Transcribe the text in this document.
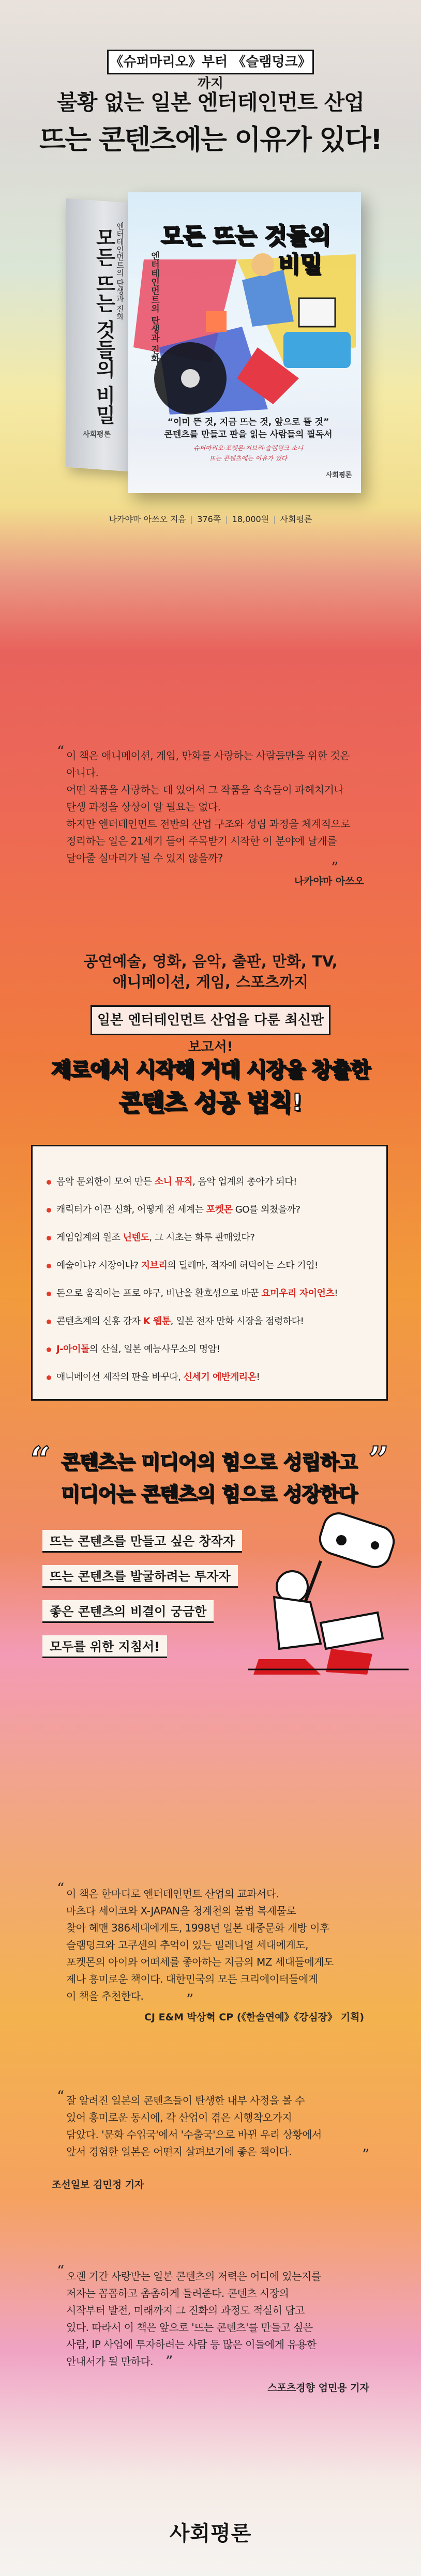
《슈퍼마리오》부터 《슬램덩크》까지
불황 없는 일본 엔터테인먼트 산업
뜨는 콘텐츠에는 이유가 있다!
모든 뜨는 것들의 비밀 엔터테인먼트의 탄생과 진화
사회평론
모든 뜨는 것들의
비밀
엔터테인먼트의 탄생과 진화
“이미 뜬 것, 지금 뜨는 것, 앞으로 뜰 것”
콘텐츠를 만들고 판을 읽는 사람들의 필독서
슈퍼마리오·포켓몬·지브리·슬램덩크 소니
뜨는 콘텐츠에는 이유가 있다
사회평론
나카야마 아쓰오 지음 | 376쪽 | 18,000원 | 사회평론
“ 이 책은 애니메이션, 게임, 만화를 사랑하는 사람들만을 위한 것은
아니다.
어떤 작품을 사랑하는 데 있어서 그 작품을 속속들이 파헤치거나
탄생 과정을 상상이 알 필요는 없다.
하지만 엔터테인먼트 전반의 산업 구조와 성립 과정을 체계적으로
정리하는 일은 21세기 들어 주목받기 시작한 이 분야에 날개를
달아줄 실마리가 될 수 있지 않을까?
”
나카야마 아쓰오
공연예술, 영화, 음악, 출판, 만화, TV,
애니메이션, 게임, 스포츠까지
일본 엔터테인먼트 산업을 다룬 최신판 보고서!
제로에서 시작해 거대 시장을 창출한
콘텐츠 성공 법칙!
음악 문외한이 모여 만든 소니 뮤직, 음악 업계의 총아가 되다!
캐릭터가 이끈 신화, 어떻게 전 세계는 포켓몬 GO를 외쳤을까?
게임업계의 원조 닌텐도, 그 시초는 화투 판매였다?
예술이냐? 시장이냐? 지브리의 딜레마, 적자에 허덕이는 스타 기업!
돈으로 움직이는 프로 야구, 비난을 환호성으로 바꾼 요미우리 자이언츠!
콘텐츠계의 신흥 강자 K 웹툰, 일본 전자 만화 시장을 점령하다!
J-아이돌의 산실, 일본 예능사무소의 명암!
애니메이션 제작의 판을 바꾸다, 신세기 에반게리온!
“	”
콘텐츠는 미디어의 힘으로 성립하고
미디어는 콘텐츠의 힘으로 성장한다
뜨는 콘텐츠를 만들고 싶은 창작자
뜨는 콘텐츠를 발굴하려는 투자자
좋은 콘텐츠의 비결이 궁금한
모두를 위한 지침서!
“ 이 책은 한마디로 엔터테인먼트 산업의 교과서다.
마츠다 세이코와 X-JAPAN을 청계천의 불법 복제물로
찾아 헤맨 386세대에게도, 1998년 일본 대중문화 개방 이후
슬램덩크와 고쿠센의 추억이 있는 밀레니얼 세대에게도,
포켓몬의 아이와 어떠세를 좋아하는 지금의 MZ 세대들에게도
제나 흥미로운 책이다. 대한민국의 모든 크리에이터들에게
이 책을 추천한다.	”
CJ E&M 박상혁 CP (《한솔연예》《강심장》 기획)
“ 잘 알려진 일본의 콘텐츠들이 탄생한 내부 사정을 볼 수
있어 흥미로운 동시에, 각 산업이 겪은 시행착오가지
담았다. '문화 수입국'에서 '수출국'으로 바뀐 우리 상황에서
앞서 경험한 일본은 어떤지 살펴보기에 좋은 책이다.	”
조선일보 김민정 기자
“ 오랜 기간 사랑받는 일본 콘텐츠의 저력은 어디에 있는지를
저자는 꼼꼼하고 촘촘하게 들려준다. 콘텐츠 시장의
시작부터 발전, 미래까지 그 진화의 과정도 적실히 담고
있다. 따라서 이 책은 앞으로 '뜨는 콘텐츠'를 만들고 싶은
사람, IP 사업에 투자하려는 사람 등 많은 이들에게 유용한
안내서가 될 만하다. ”
스포츠경향 엄민용 기자
사회평론
